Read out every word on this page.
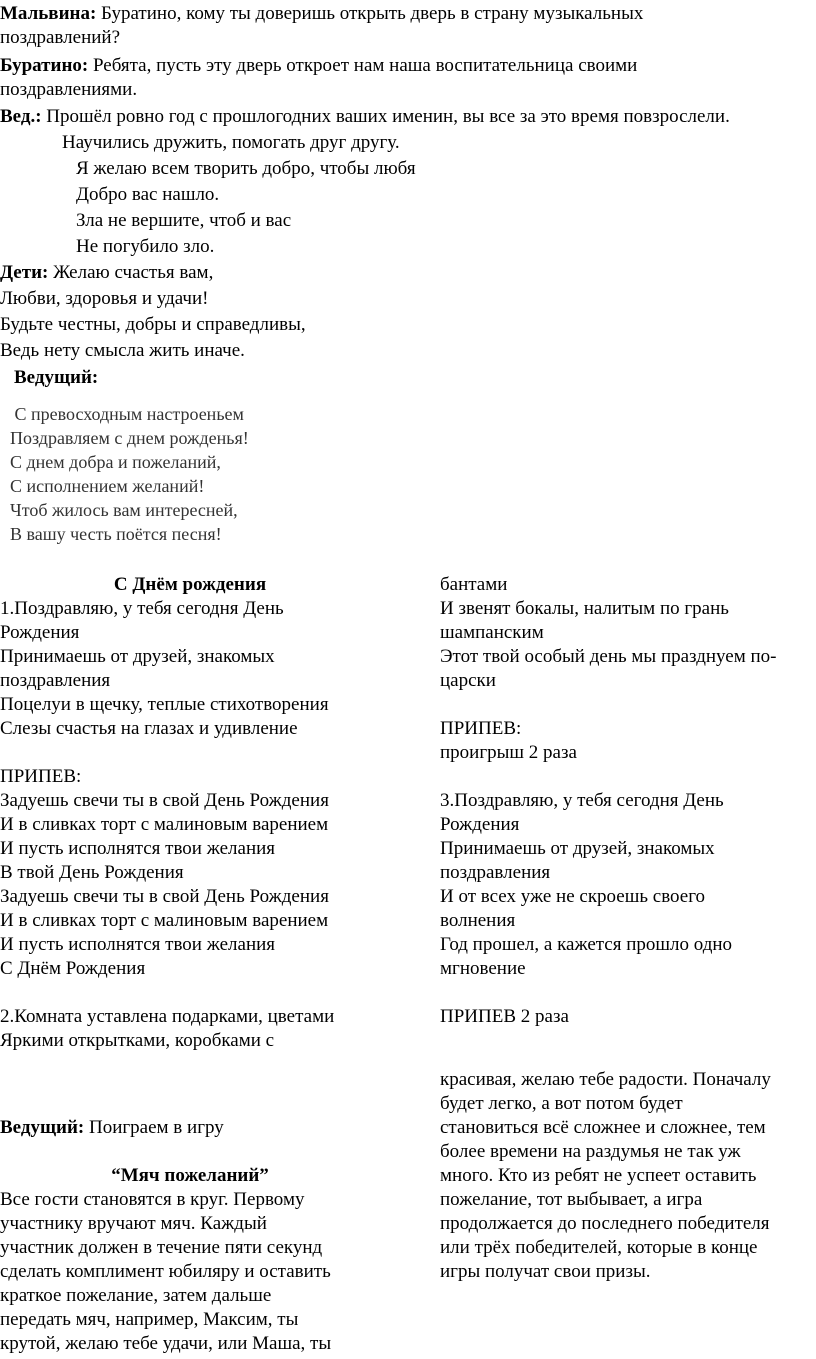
Мальвина: Буратино, кому ты доверишь открыть дверь в страну музыкальных
поздравлений?
Буратино: Ребята, пусть эту дверь откроет нам наша воспитательница своими
поздравлениями.
Вед.: Прошёл ровно год с прошлогодних ваших именин, вы все за это время повзрослели.
Научились дружить, помогать друг другу.
Я желаю всем творить добро, чтобы любя
Добро вас нашло.
Зла не вершите, чтоб и вас
Не погубило зло.
Дети: Желаю счастья вам,
Любви, здоровья и удачи!
Будьте честны, добры и справедливы,
Ведь нету смысла жить иначе.
Ведущий:
С превосходным настроеньем
Поздравляем с днем рожденья!
С днем добра и пожеланий,
С исполнением желаний!
Чтоб жилось вам интересней,
В вашу честь поётся песня!
С Днём рождения
1.Поздравляю, у тебя сегодня День
Рождения
Принимаешь от друзей, знакомых
поздравления
Поцелуи в щечку, теплые стихотворения
Слезы счастья на глазах и удивление
ПРИПЕВ:
Задуешь свечи ты в свой День Рождения
И в сливках торт с малиновым варением
И пусть исполнятся твои желания
В твой День Рождения
Задуешь свечи ты в свой День Рождения
И в сливках торт с малиновым варением
И пусть исполнятся твои желания
С Днём Рождения
2.Комната уставлена подарками, цветами
Яркими открытками, коробками с
бантами
И звенят бокалы, налитым по грань
шампанским
Этот твой особый день мы празднуем по-
царски
ПРИПЕВ:
проигрыш 2 раза
3.Поздравляю, у тебя сегодня День
Рождения
Принимаешь от друзей, знакомых
поздравления
И от всех уже не скроешь своего
волнения
Год прошел, а кажется прошло одно
мгновение
ПРИПЕВ 2 раза
Ведущий: Поиграем в игру
“Мяч пожеланий”
Все гости становятся в круг. Первому
участнику вручают мяч. Каждый
участник должен в течение пяти секунд
сделать комплимент юбиляру и оставить
краткое пожелание, затем дальше
передать мяч, например, Максим, ты
крутой, желаю тебе удачи, или Маша, ты
красивая, желаю тебе радости. Поначалу
будет легко, а вот потом будет
становиться всё сложнее и сложнее, тем
более времени на раздумья не так уж
много. Кто из ребят не успеет оставить
пожелание, тот выбывает, а игра
продолжается до последнего победителя
или трёх победителей, которые в конце
игры получат свои призы.
